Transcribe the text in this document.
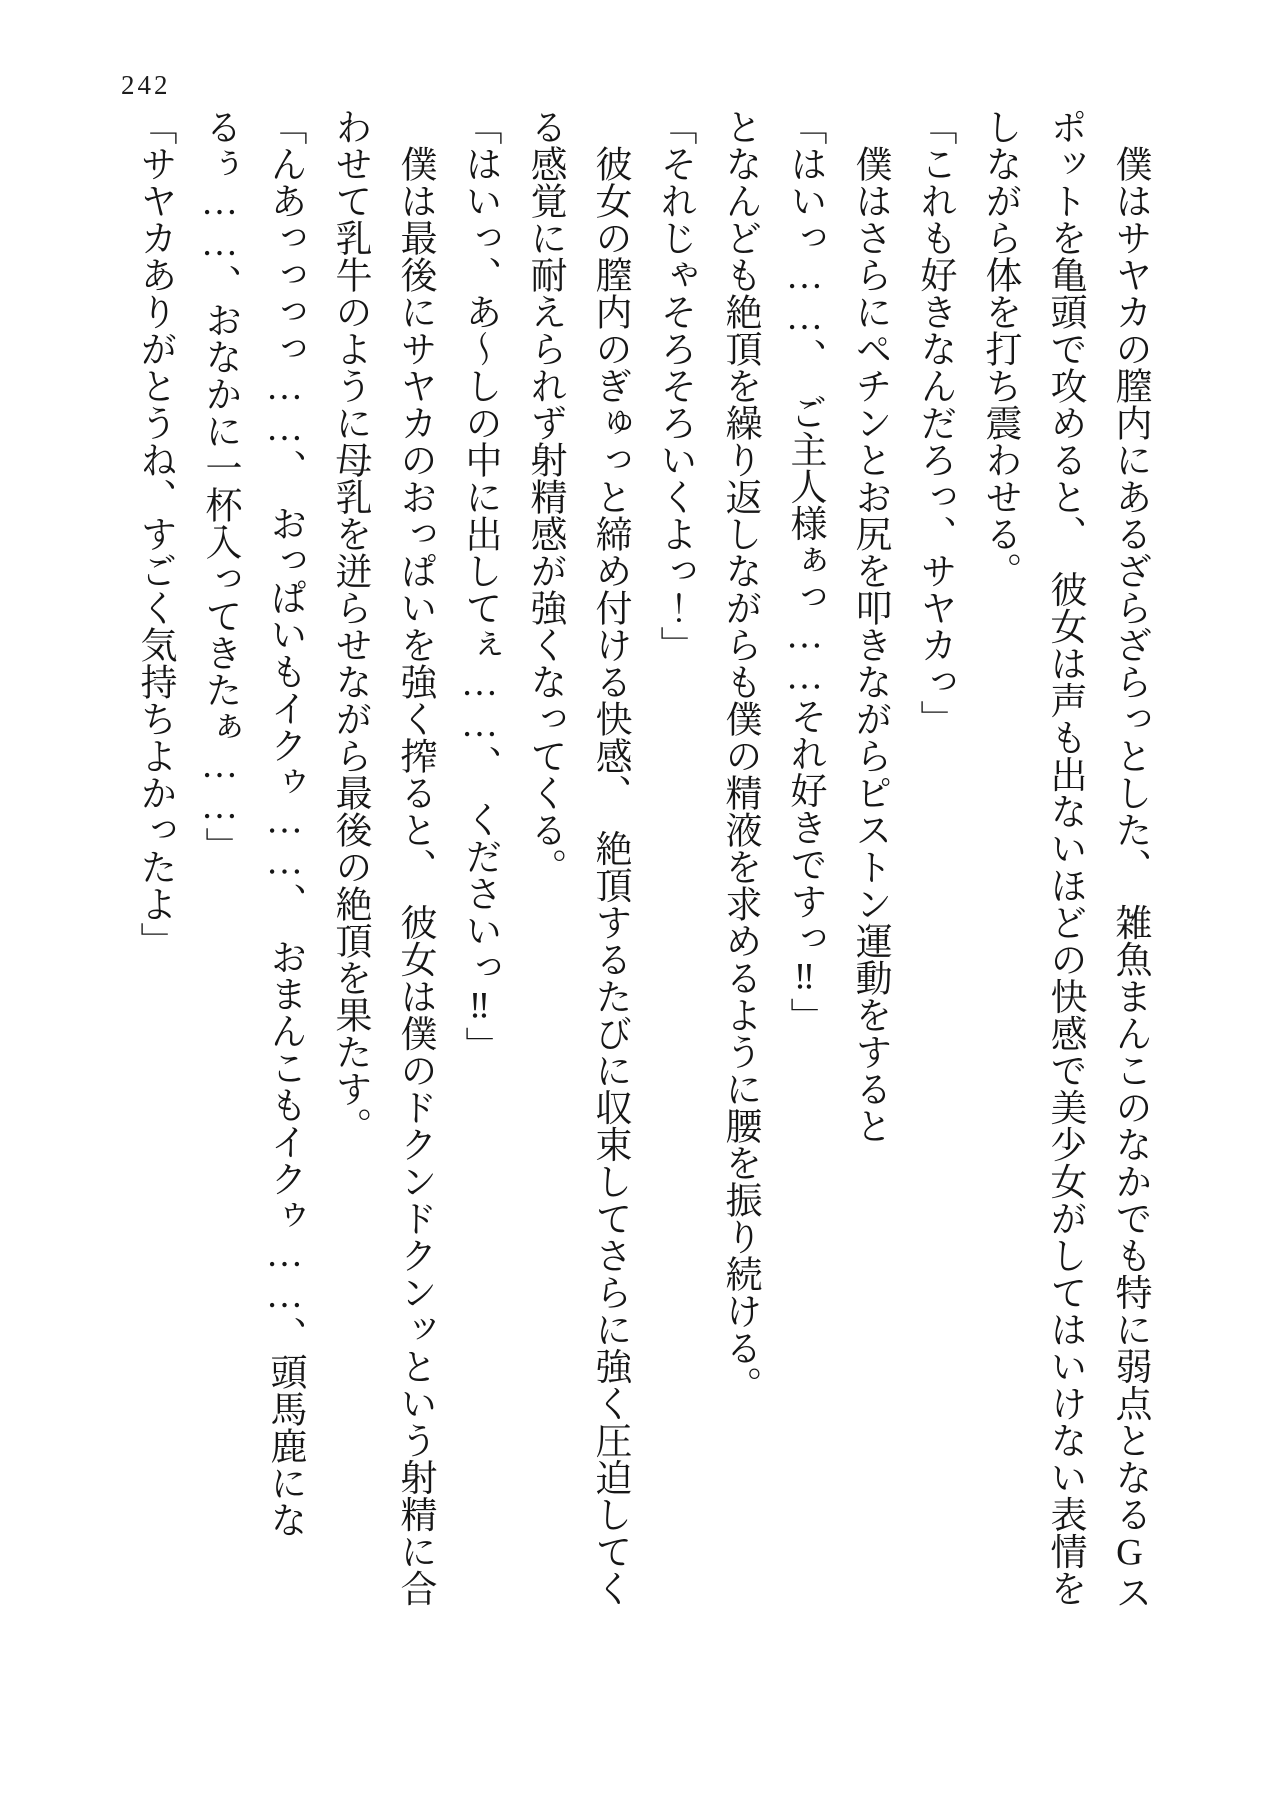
242
　僕はサヤカの膣内にあるざらざらっとした、　雑魚まんこのなかでも特に弱点となるGス
ポットを亀頭で攻めると、　彼女は声も出ないほどの快感で美少女がしてはいけない表情を
しながら体を打ち震わせる。
「これも好きなんだろっ、サヤカっ」
　僕はさらにペチンとお尻を叩きながらピストン運動をすると
「はいっ……、　ご主人様ぁっ……それ好きですっ‼」
となんども絶頂を繰り返しながらも僕の精液を求めるように腰を振り続ける。
「それじゃそろそろいくよっ！」
　彼女の膣内のぎゅっと締め付ける快感、　絶頂するたびに収束してさらに強く圧迫してく
る感覚に耐えられず射精感が強くなってくる。
「はいっ、あ〜しの中に出してぇ……、　くださいっ‼」
　僕は最後にサヤカのおっぱいを強く搾ると、　彼女は僕のドクンドクンッという射精に合
わせて乳牛のように母乳を迸らせながら最後の絶頂を果たす。
「んあっっっっ……、　おっぱいもイクゥ……、　おまんこもイクゥ……、頭馬鹿にな
るぅ……、おなかに一杯入ってきたぁ……」
「サヤカありがとうね、すごく気持ちよかったよ」
